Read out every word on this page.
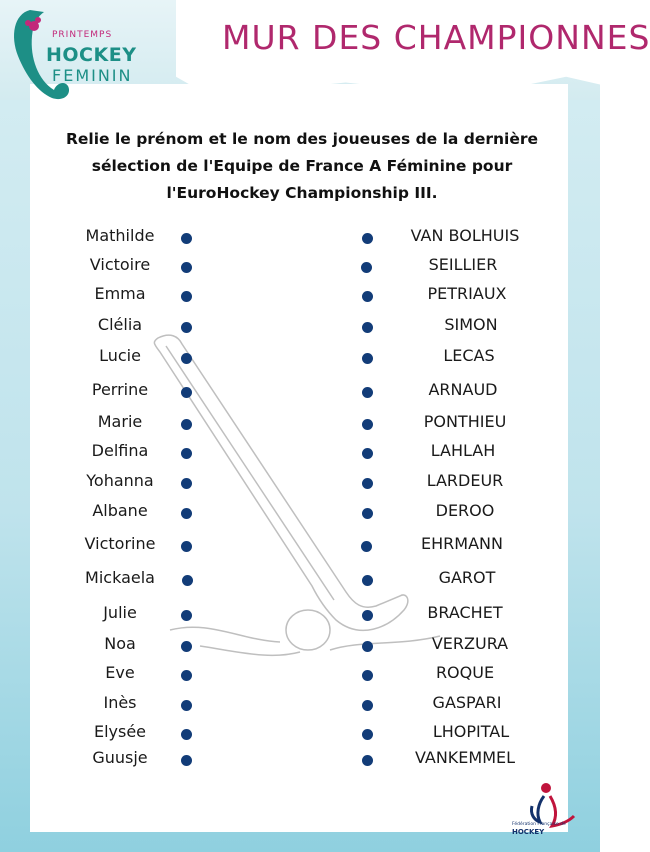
PRINTEMPS
HOCKEY
FEMININ
MUR DES CHAMPIONNES
Relie le prénom et le nom des joueuses de la dernière sélection de l'Equipe de France A Féminine pour l'EuroHockey Championship III.
Mathilde	VAN BOLHUIS
Victoire	SEILLIER
Emma	PETRIAUX
Clélia	SIMON
Lucie	LECAS
Perrine	ARNAUD
Marie	PONTHIEU
Delfina	LAHLAH
Yohanna	LARDEUR
Albane	DEROO
Victorine	EHRMANN
Mickaela	GAROT
Julie	BRACHET
Noa	VERZURA
Eve	ROQUE
Inès	GASPARI
Elysée	LHOPITAL
Guusje	VANKEMMEL
Fédération Française de
HOCKEY
